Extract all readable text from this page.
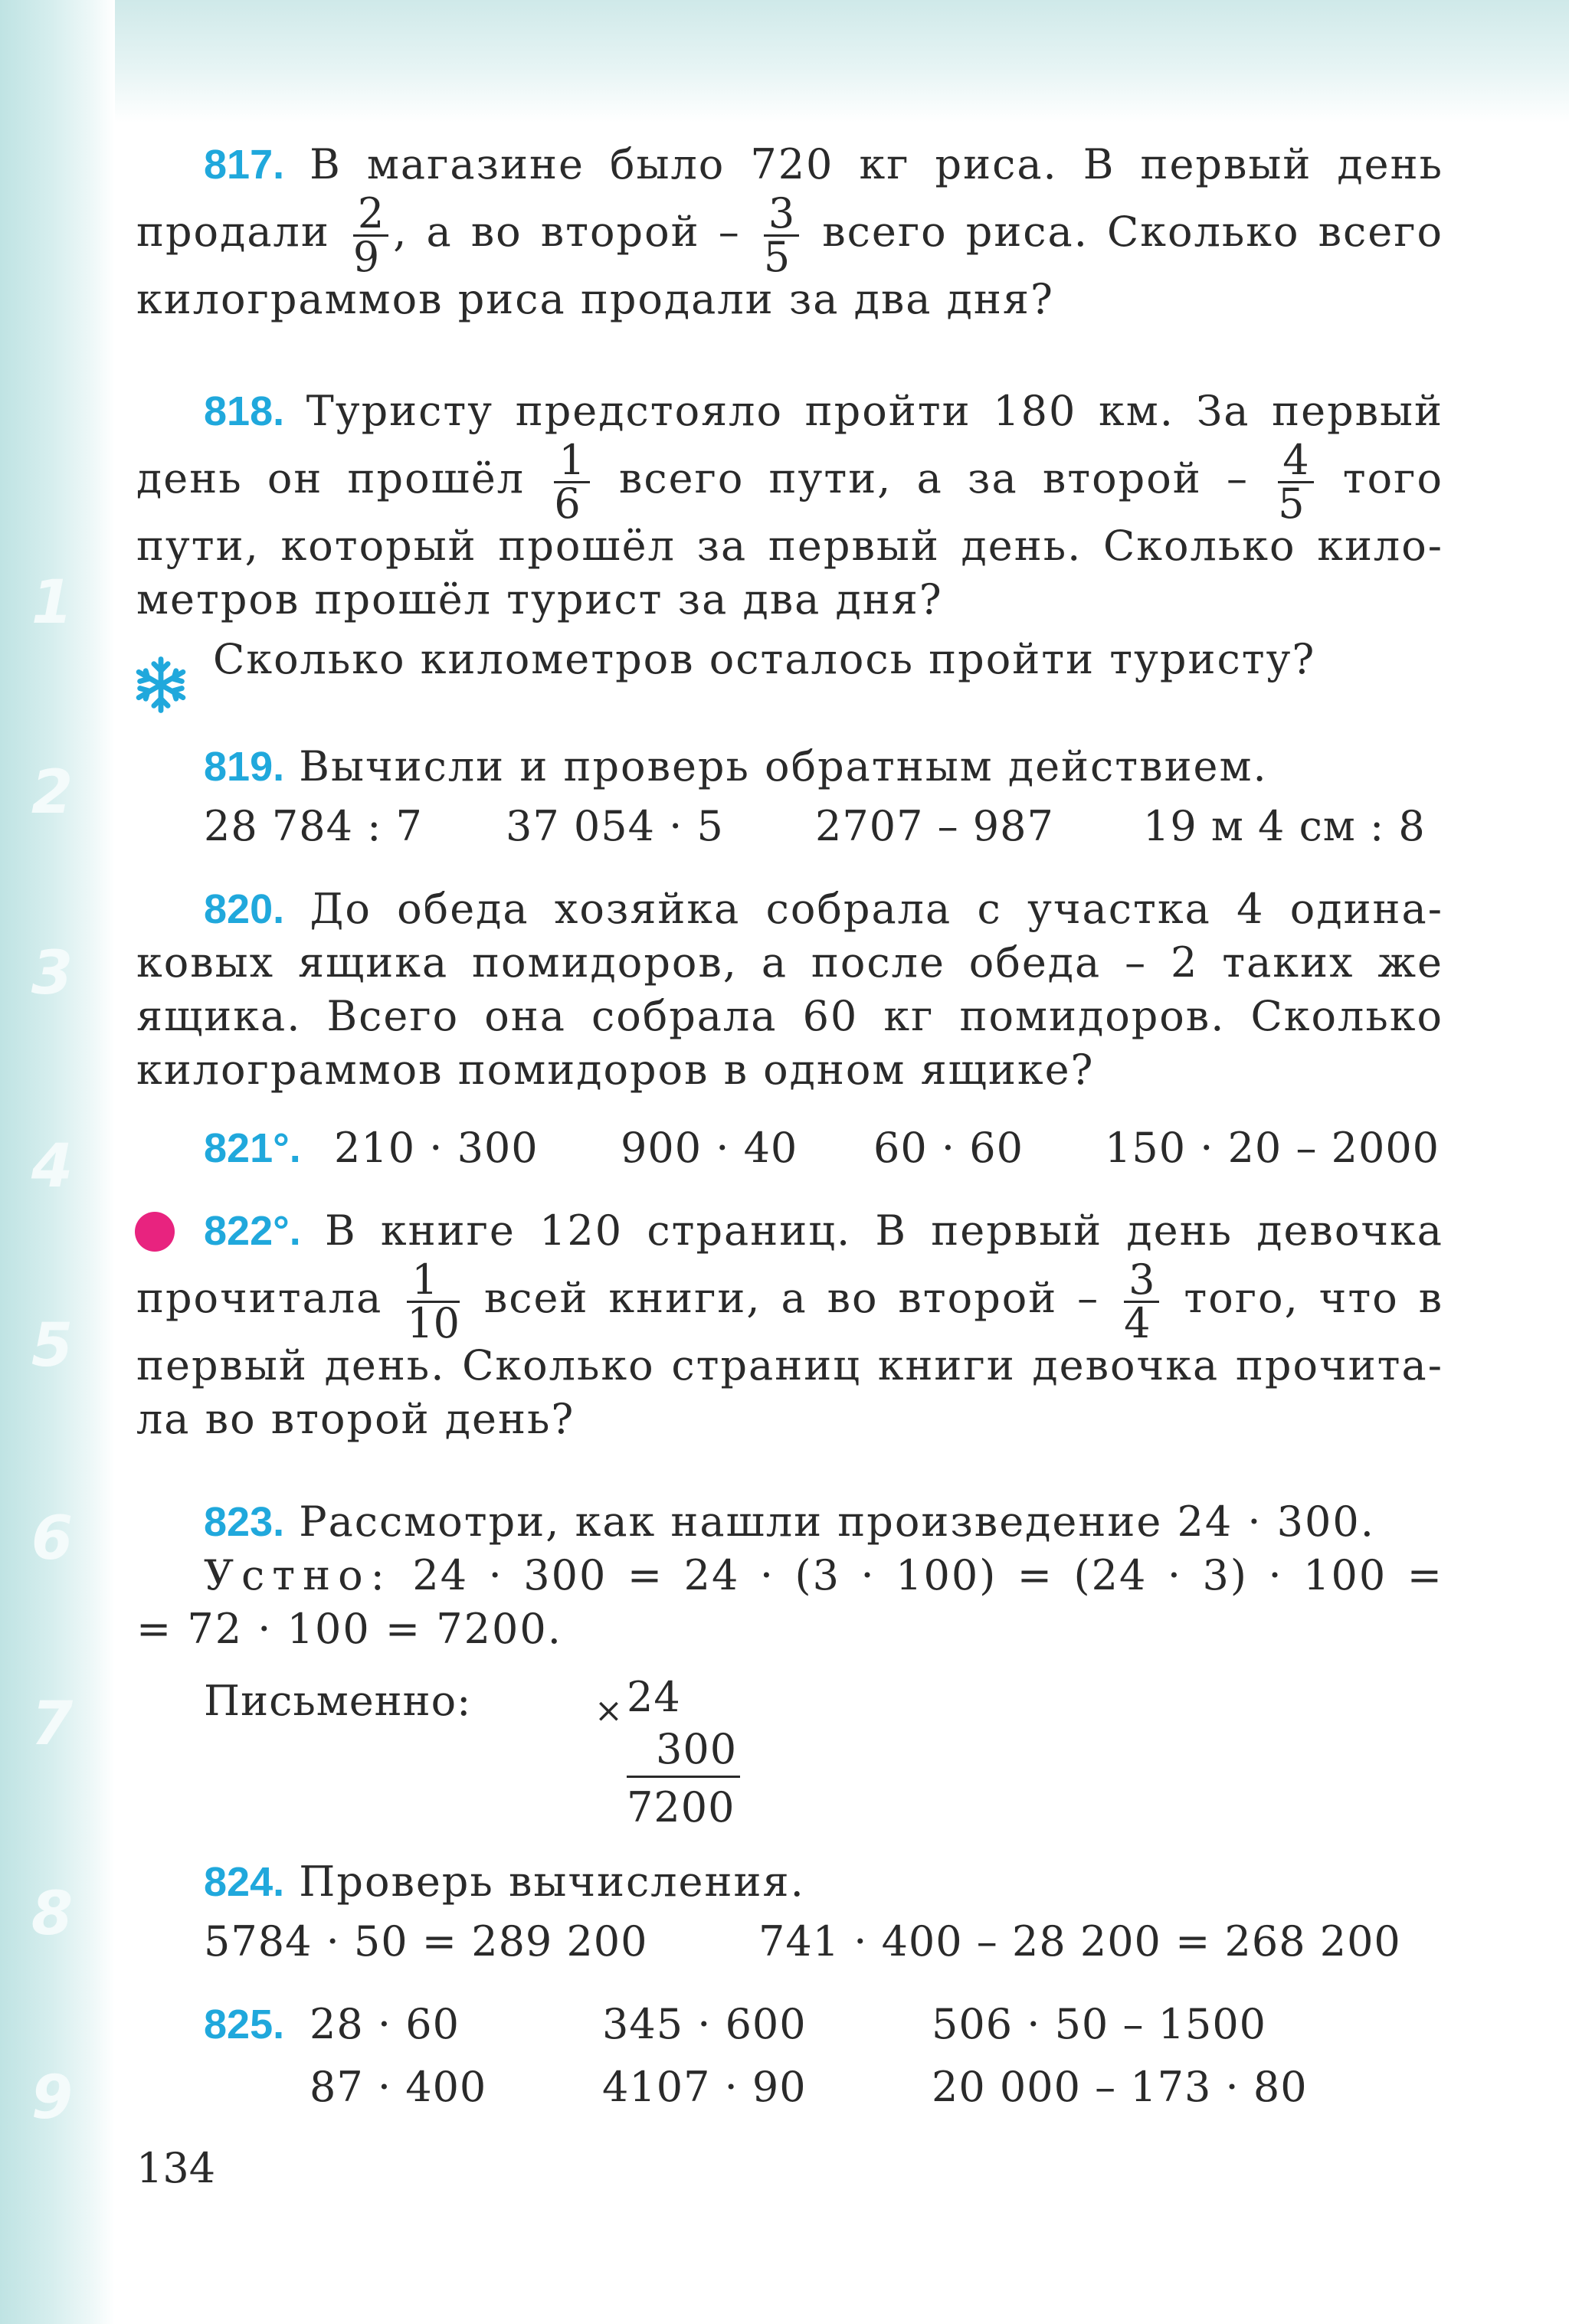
1
2
3
4
5
6
7
8
9
817. В магазине было 720 кг риса. В первый день
продали $\frac{2}{9}$ , а во второй – $\frac{3}{5}$ всего риса. Сколько всего
килограммов риса продали за два дня?
818. Туристу предстояло пройти 180 км. За первый
день он прошёл $\frac{1}{6}$ всего пути, а за второй – $\frac{4}{5}$ того
пути, который прошёл за первый день. Сколько кило-
метров прошёл турист за два дня?
Сколько километров осталось пройти туристу?
819. Вычисли и проверь обратным действием.
28 784 : 7 37 054 · 5 2707 – 987 19 м 4 см : 8
820. До обеда хозяйка собрала с участка 4 одина-
ковых ящика помидоров, а после обеда – 2 таких же
ящика. Всего она собрала 60 кг помидоров. Сколько
килограммов помидоров в одном ящике?
821°. 210 · 300 900 · 40 60 · 60 150 · 20 – 2000
822°. В книге 120 страниц. В первый день девочка
прочитала $\frac{1}{10}$ всей книги, а во второй – $\frac{3}{4}$ того, что в
первый день. Сколько страниц книги девочка прочита-
ла во второй день?
823. Рассмотри, как нашли произведение 24 · 300.
Устно: 24 · 300 = 24 · (3 · 100) = (24 · 3) · 100 =
= 72 · 100 = 7200.
Письменно:	× 24
300
7200
824. Проверь вычисления.
5784 · 50 = 289 200	741 · 400 – 28 200 = 268 200
825. 28 · 60	345 · 600	506 · 50 – 1500
87 · 400	4107 · 90	20 000 – 173 · 80
134
